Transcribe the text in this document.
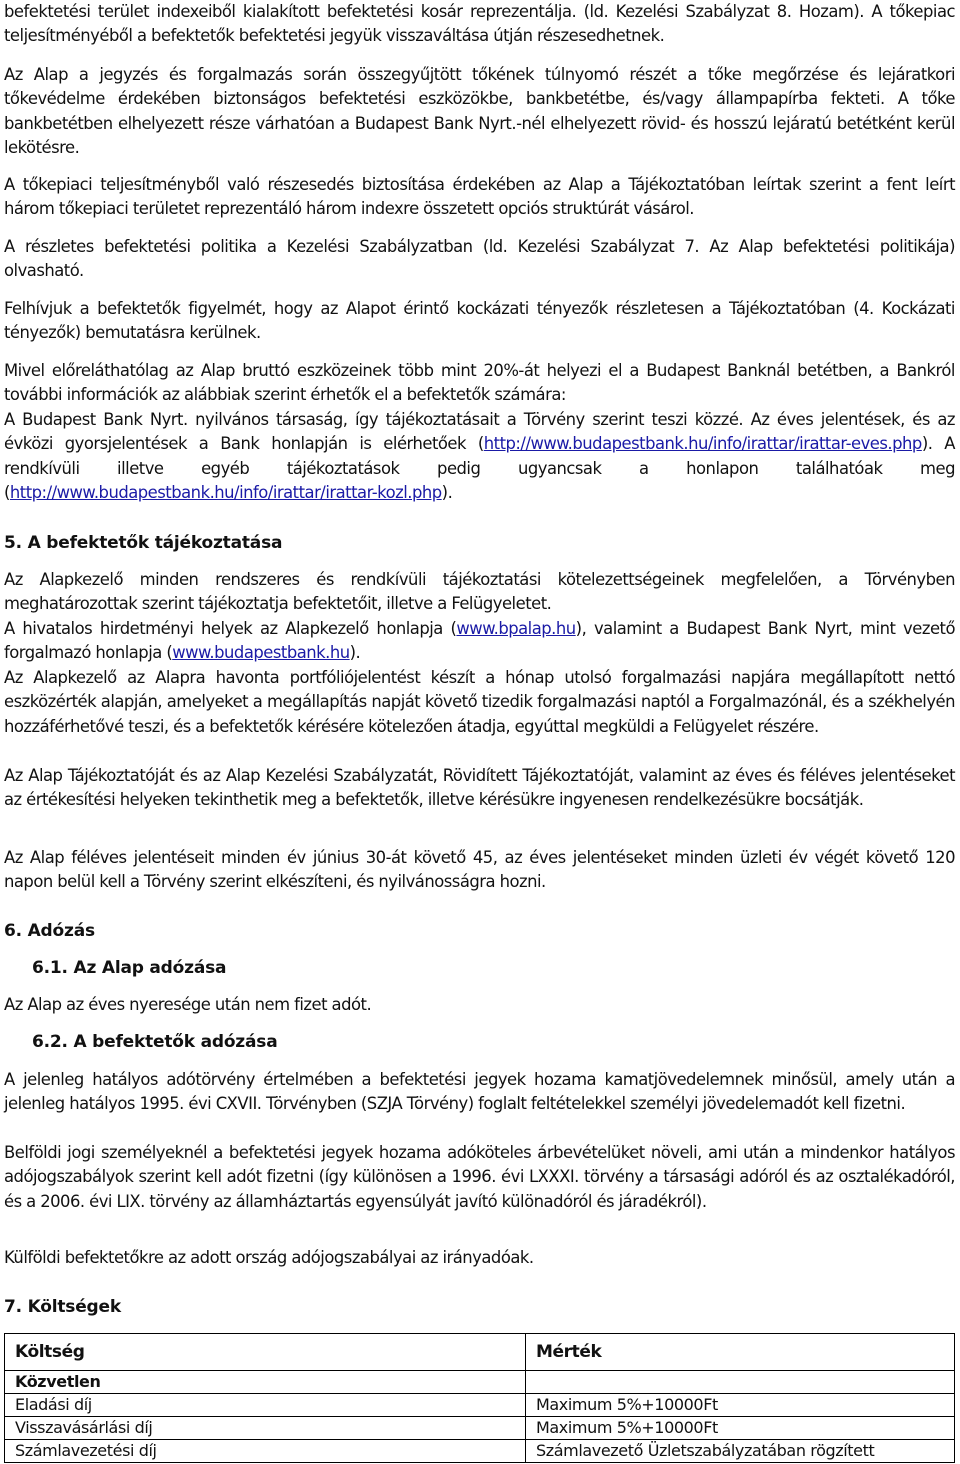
befektetési terület indexeiből kialakított befektetési kosár reprezentálja. (ld. Kezelési Szabályzat 8. Hozam). A tőkepiac teljesítményéből a befektetők befektetési jegyük visszaváltása útján részesedhetnek.

Az Alap a jegyzés és forgalmazás során összegyűjtött tőkének túlnyomó részét a tőke megőrzése és lejáratkori tőkevédelme érdekében biztonságos befektetési eszközökbe, bankbetétbe, és/vagy állampapírba fekteti. A tőke bankbetétben elhelyezett része várhatóan a Budapest Bank Nyrt.-nél elhelyezett rövid- és hosszú lejáratú betétként kerül lekötésre.

A tőkepiaci teljesítményből való részesedés biztosítása érdekében az Alap a Tájékoztatóban leírtak szerint a fent leírt három tőkepiaci területet reprezentáló három indexre összetett opciós struktúrát vásárol.

A részletes befektetési politika a Kezelési Szabályzatban (ld. Kezelési Szabályzat 7. Az Alap befektetési politikája) olvasható.

Felhívjuk a befektetők figyelmét, hogy az Alapot érintő kockázati tényezők részletesen a Tájékoztatóban (4. Kockázati tényezők) bemutatásra kerülnek.

Mivel előreláthatólag az Alap bruttó eszközeinek több mint 20%-át helyezi el a Budapest Banknál betétben, a Bankról további információk az alábbiak szerint érhetők el a befektetők számára:

A Budapest Bank Nyrt. nyilvános társaság, így tájékoztatásait a Törvény szerint teszi közzé. Az éves jelentések, és az évközi gyorsjelentések a Bank honlapján is elérhetőek (http://www.budapestbank.hu/info/irattar/irattar-eves.php). A rendkívüli illetve egyéb tájékoztatások pedig ugyancsak a honlapon találhatóak meg (http://www.budapestbank.hu/info/irattar/irattar-kozl.php).

5. A befektetők tájékoztatása

Az Alapkezelő minden rendszeres és rendkívüli tájékoztatási kötelezettségeinek megfelelően, a Törvényben meghatározottak szerint tájékoztatja befektetőit, illetve a Felügyeletet.

A hivatalos hirdetményi helyek az Alapkezelő honlapja (www.bpalap.hu), valamint a Budapest Bank Nyrt, mint vezető forgalmazó honlapja (www.budapestbank.hu).

Az Alapkezelő az Alapra havonta portfóliójelentést készít a hónap utolsó forgalmazási napjára megállapított nettó eszközérték alapján, amelyeket a megállapítás napját követő tizedik forgalmazási naptól a Forgalmazónál, és a székhelyén hozzáférhetővé teszi, és a befektetők kérésére kötelezően átadja, egyúttal megküldi a Felügyelet részére.

Az Alap Tájékoztatóját és az Alap Kezelési Szabályzatát, Rövidített Tájékoztatóját, valamint az éves és féléves jelentéseket az értékesítési helyeken tekinthetik meg a befektetők, illetve kérésükre ingyenesen rendelkezésükre bocsátják.

Az Alap féléves jelentéseit minden év június 30-át követő 45, az éves jelentéseket minden üzleti év végét követő 120 napon belül kell a Törvény szerint elkészíteni, és nyilvánosságra hozni.

6. Adózás
6.1. Az Alap adózása

Az Alap az éves nyeresége után nem fizet adót.

6.2. A befektetők adózása

A jelenleg hatályos adótörvény értelmében a befektetési jegyek hozama kamatjövedelemnek minősül, amely után a jelenleg hatályos 1995. évi CXVII. Törvényben (SZJA Törvény) foglalt feltételekkel személyi jövedelemadót kell fizetni.

Belföldi jogi személyeknél a befektetési jegyek hozama adóköteles árbevételüket növeli, ami után a mindenkor hatályos adójogszabályok szerint kell adót fizetni (így különösen a 1996. évi LXXXI. törvény a társasági adóról és az osztalékadóról, és a 2006. évi LIX. törvény az államháztartás egyensúlyát javító különadóról és járadékról).

Külföldi befektetőkre az adott ország adójogszabályai az irányadóak.

7. Költségek
Költség	Mérték
Közvetlen	
Eladási díj	Maximum 5%+10000Ft
Visszavásárlási díj	Maximum 5%+10000Ft
Számlavezetési díj	Számlavezető Üzletszabályzatában rögzített
